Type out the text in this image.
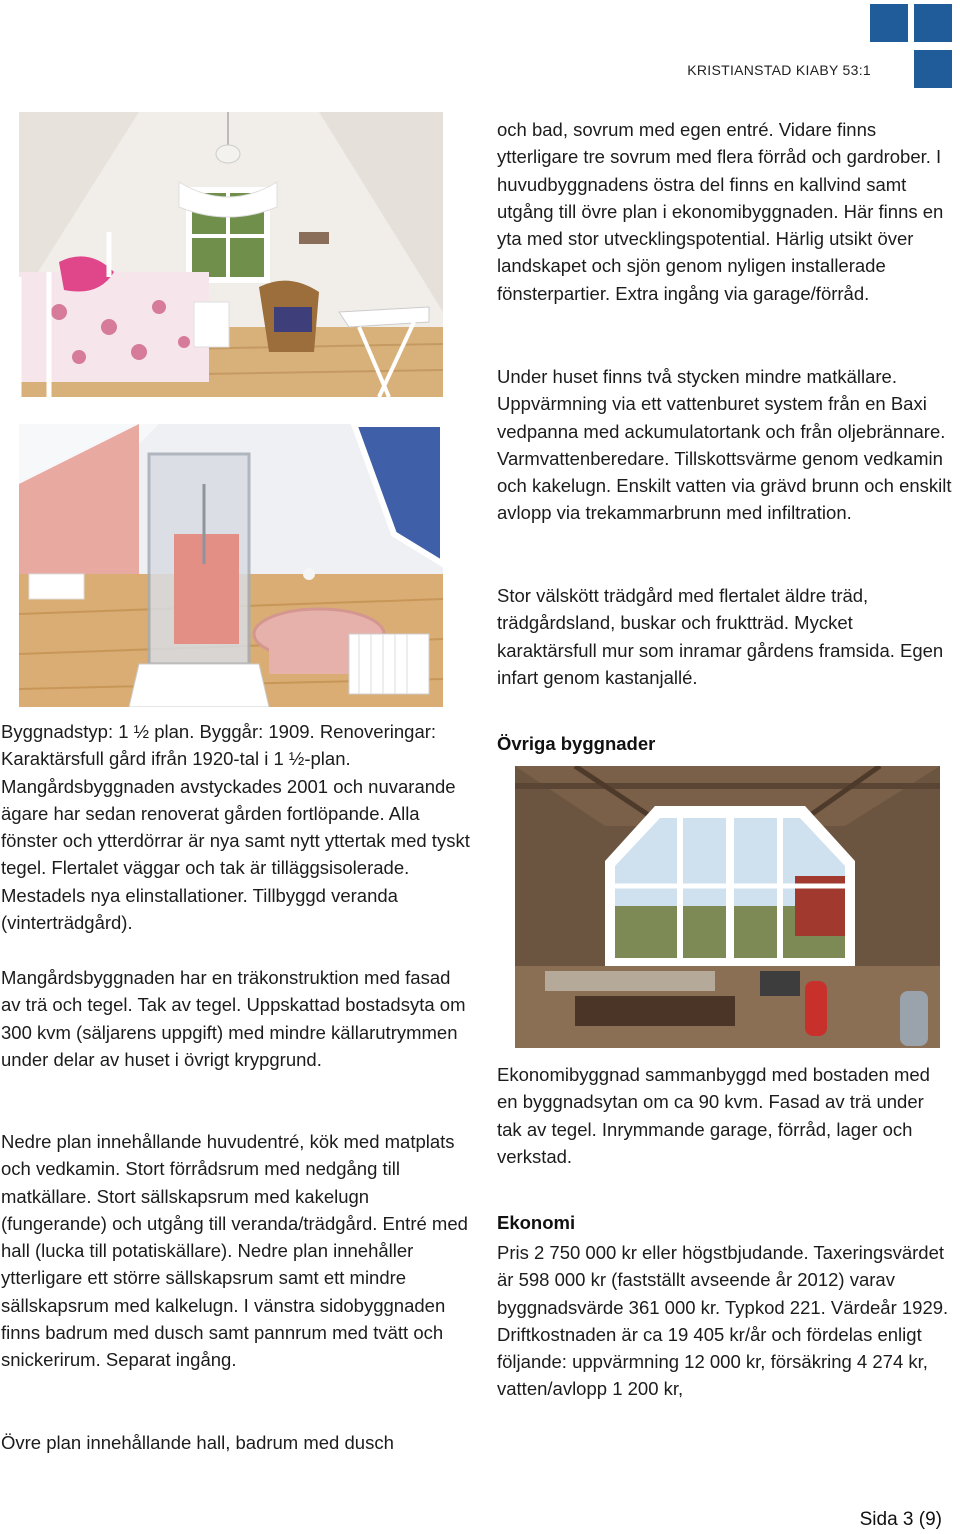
KRISTIANSTAD KIABY 53:1

och bad, sovrum med egen entré. Vidare finns ytterligare tre sovrum med flera förråd och gardrober. I huvudbyggnadens östra del finns en kallvind samt utgång till övre plan i ekonomibyggnaden. Här finns en yta med stor utvecklingspotential. Härlig utsikt över landskapet och sjön genom nyligen installerade fönsterpartier. Extra ingång via garage/förråd.

Under huset finns två stycken mindre matkällare. Uppvärmning via ett vattenburet system från en Baxi vedpanna med ackumulatortank och från oljebrännare. Varmvattenberedare. Tillskottsvärme genom vedkamin och kakelugn. Enskilt vatten via grävd brunn och enskilt avlopp via trekammarbrunn med infiltration.

Stor välskött trädgård med flertalet äldre träd, trädgårdsland, buskar och fruktträd. Mycket karaktärsfull mur som inramar gårdens framsida. Egen infart genom kastanjallé.

Övriga byggnader

Ekonomibyggnad sammanbyggd med bostaden med en byggnadsytan om ca 90 kvm. Fasad av trä under tak av tegel. Inrymmande garage, förråd, lager och verkstad.

Ekonomi

Pris 2 750 000 kr eller högstbjudande. Taxeringsvärdet är 598 000 kr (fastställt avseende år 2012) varav byggnadsvärde 361 000 kr. Typkod 221. Värdeår 1929. Driftkostnaden är ca 19 405 kr/år och fördelas enligt följande: uppvärmning 12 000 kr, försäkring 4 274 kr, vatten/avlopp 1 200 kr,

Byggnadstyp: 1 ½ plan. Byggår: 1909. Renoveringar: Karaktärsfull gård ifrån 1920-tal i 1 ½-plan. Mangårdsbyggnaden avstyckades 2001 och nuvarande ägare har sedan renoverat gården fortlöpande. Alla fönster och ytterdörrar är nya samt nytt yttertak med tyskt tegel. Flertalet väggar och tak är tilläggsisolerade. Mestadels nya elinstallationer. Tillbyggd veranda (vinterträdgård).

Mangårdsbyggnaden har en träkonstruktion med fasad av trä och tegel. Tak av tegel. Uppskattad bostadsyta om 300 kvm (säljarens uppgift) med mindre källarutrymmen under delar av huset i övrigt krypgrund.

Nedre plan innehållande huvudentré, kök med matplats och vedkamin. Stort förrådsrum med nedgång till matkällare. Stort sällskapsrum med kakelugn (fungerande) och utgång till veranda/trädgård. Entré med hall (lucka till potatiskällare). Nedre plan innehåller ytterligare ett större sällskapsrum samt ett mindre sällskapsrum med kalkelugn. I vänstra sidobyggnaden finns badrum med dusch samt pannrum med tvätt och snickerirum. Separat ingång.

Övre plan innehållande hall, badrum med dusch

Sida 3 (9)
